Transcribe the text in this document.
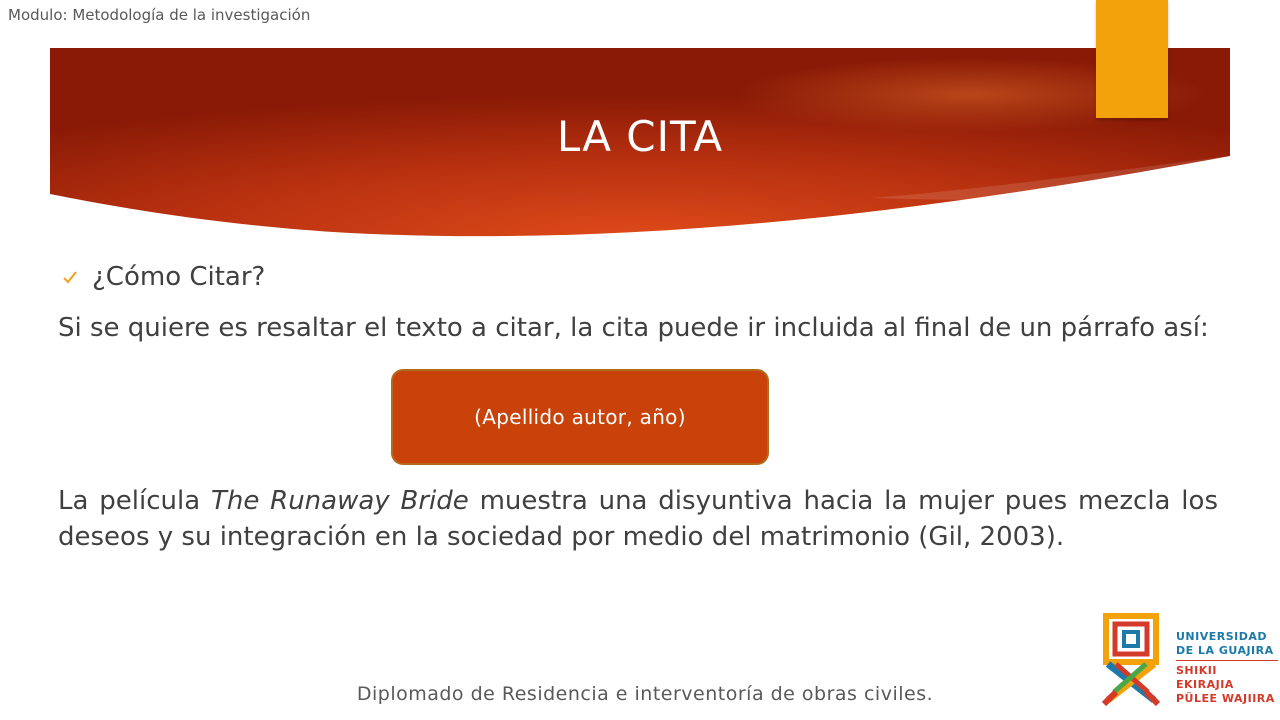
Modulo: Metodología de la investigación
LA CITA
¿Cómo Citar?
Si se quiere es resaltar el texto a citar, la cita puede ir incluida al final de un párrafo así:
(Apellido autor, año)
La película The Runaway Bride muestra una disyuntiva hacia la mujer pues mezcla los deseos y su integración en la sociedad por medio del matrimonio (Gil, 2003).
Diplomado de Residencia e interventoría de obras civiles.
UNIVERSIDAD
DE LA GUAJIRA
SHIKII EKIRAJIA
PÜLEE WAJIIRA
